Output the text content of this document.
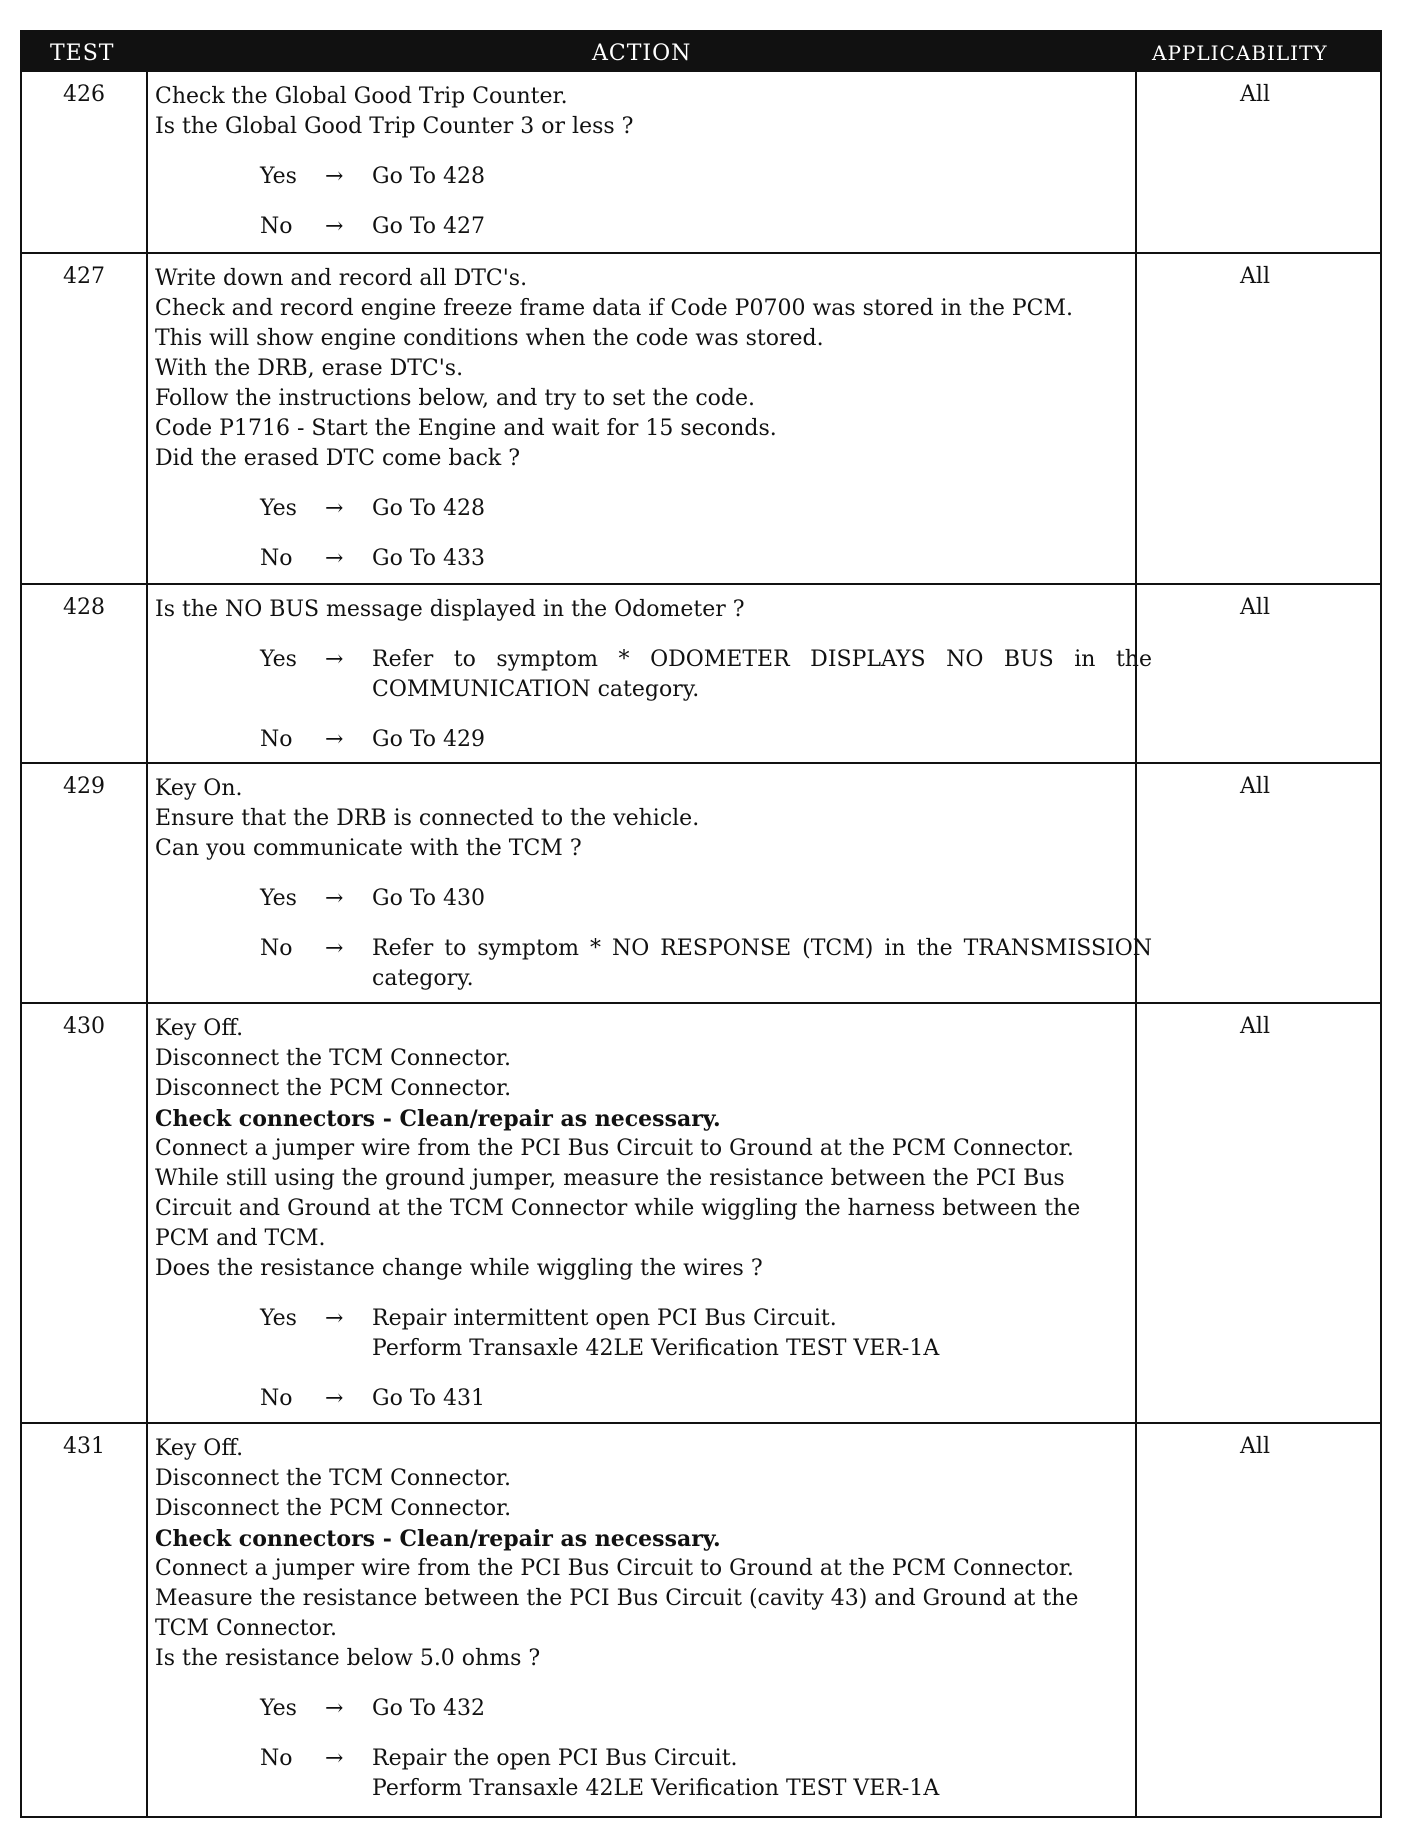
TEST	ACTION	APPLICABILITY
426	Check the Global Good Trip Counter.
Is the Global Good Trip Counter 3 or less ?
Yes → Go To 428
No → Go To 427
All
427	Write down and record all DTC's.
Check and record engine freeze frame data if Code P0700 was stored in the PCM.
This will show engine conditions when the code was stored.
With the DRB, erase DTC's.
Follow the instructions below, and try to set the code.
Code P1716 - Start the Engine and wait for 15 seconds.
Did the erased DTC come back ?
Yes → Go To 428
No → Go To 433
All
428	Is the NO BUS message displayed in the Odometer ?
Yes → Refer to symptom * ODOMETER DISPLAYS NO BUS in the COMMUNICATION category.
No → Go To 429
All
429	Key On.
Ensure that the DRB is connected to the vehicle.
Can you communicate with the TCM ?
Yes → Go To 430
No → Refer to symptom * NO RESPONSE (TCM) in the TRANSMISSION category.
All
430	Key Off.
Disconnect the TCM Connector.
Disconnect the PCM Connector.
Check connectors - Clean/repair as necessary.
Connect a jumper wire from the PCI Bus Circuit to Ground at the PCM Connector.
While still using the ground jumper, measure the resistance between the PCI Bus
Circuit and Ground at the TCM Connector while wiggling the harness between the
PCM and TCM.
Does the resistance change while wiggling the wires ?
Yes → Repair intermittent open PCI Bus Circuit.
Perform Transaxle 42LE Verification TEST VER-1A
No → Go To 431
All
431	Key Off.
Disconnect the TCM Connector.
Disconnect the PCM Connector.
Check connectors - Clean/repair as necessary.
Connect a jumper wire from the PCI Bus Circuit to Ground at the PCM Connector.
Measure the resistance between the PCI Bus Circuit (cavity 43) and Ground at the
TCM Connector.
Is the resistance below 5.0 ohms ?
Yes → Go To 432
No → Repair the open PCI Bus Circuit.
Perform Transaxle 42LE Verification TEST VER-1A
All
